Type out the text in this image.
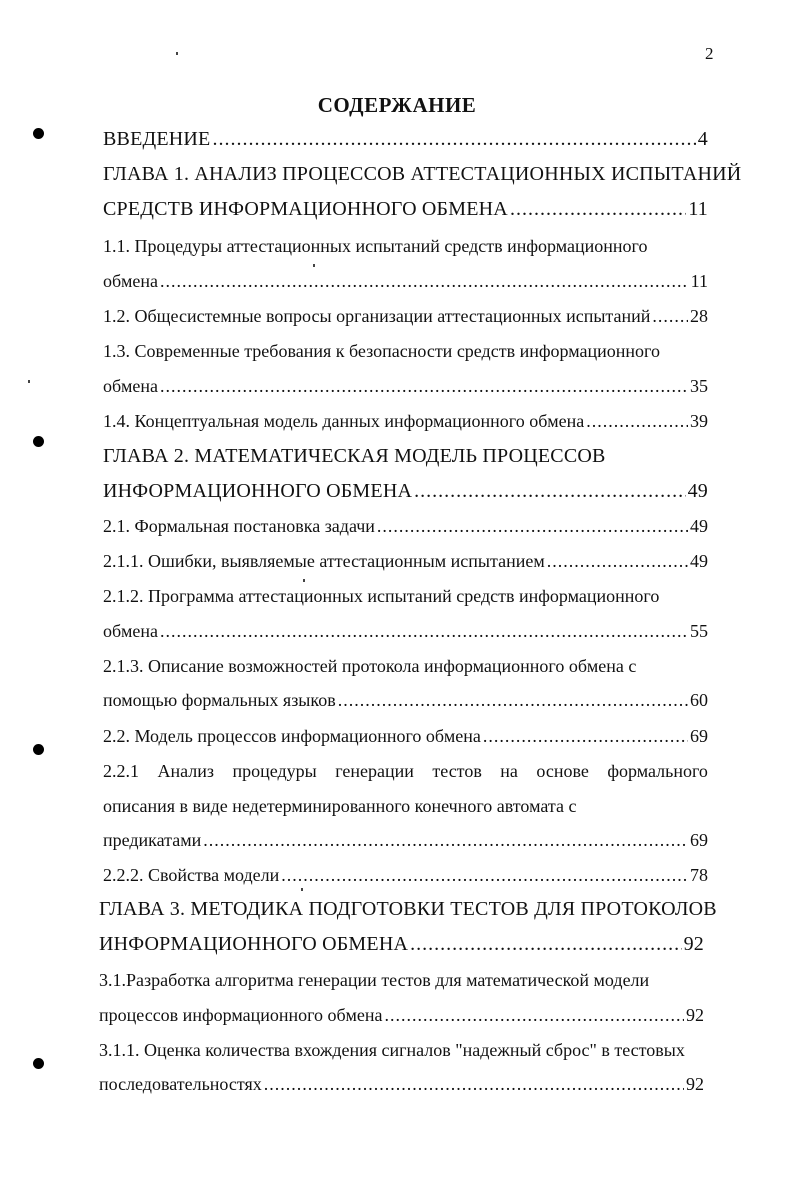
2
СОДЕРЖАНИЕ
ВВЕДЕНИЕ .....	4
ГЛАВА 1. АНАЛИЗ ПРОЦЕССОВ АТТЕСТАЦИОННЫХ ИСПЫТАНИЙ
СРЕДСТВ ИНФОРМАЦИОННОГО ОБМЕНА .....	11
1.1. Процедуры аттестационных испытаний средств информационного
обмена .....	11
1.2. Общесистемные вопросы организации аттестационных испытаний ..... 28
1.3. Современные требования к безопасности средств информационного
обмена .....	35
1.4. Концептуальная модель данных информационного обмена .....	39
ГЛАВА 2. МАТЕМАТИЧЕСКАЯ МОДЕЛЬ ПРОЦЕССОВ
ИНФОРМАЦИОННОГО ОБМЕНА .....	49
2.1. Формальная постановка задачи .....	49
2.1.1. Ошибки, выявляемые аттестационным испытанием .....	49
2.1.2. Программа аттестационных испытаний средств информационного
обмена .....	55
2.1.3. Описание возможностей протокола информационного обмена с
помощью формальных языков .....	60
2.2. Модель процессов информационного обмена .....	69
2.2.1 Анализ процедуры генерации тестов на основе формального
описания в виде недетерминированного конечного автомата с
предикатами .....	69
2.2.2. Свойства модели .....	78
ГЛАВА 3. МЕТОДИКА ПОДГОТОВКИ ТЕСТОВ ДЛЯ ПРОТОКОЛОВ
ИНФОРМАЦИОННОГО ОБМЕНА .....	92
3.1.Разработка алгоритма генерации тестов для математической модели
процессов информационного обмена .....	92
3.1.1. Оценка количества вхождения сигналов "надежный сброс" в тестовых
последовательностях .....	92
